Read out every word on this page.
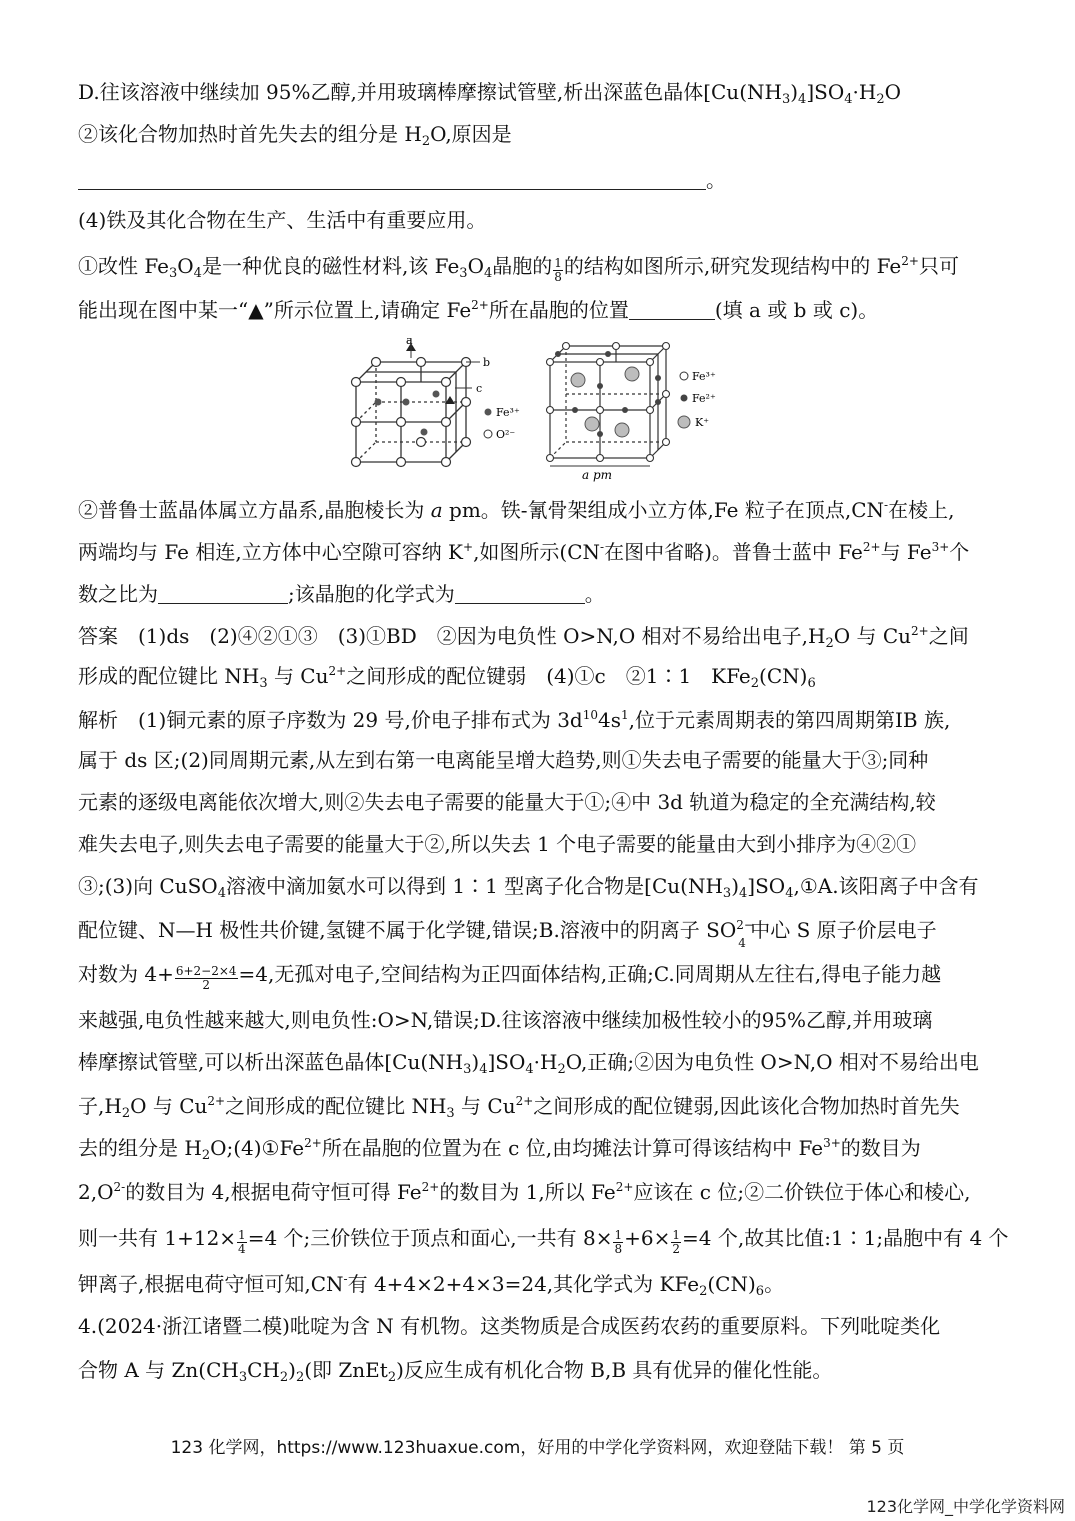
D.往该溶液中继续加 95%乙醇,并用玻璃棒摩擦试管壁,析出深蓝色晶体$[Cu(NH_3)_4]SO_4\cdot H_2O$
②该化合物加热时首先失去的组分是 $H_2O$,原因是
。
(4)铁及其化合物在生产、生活中有重要应用。
①改性 $Fe_3O_4$是一种优良的磁性材料,该 $Fe_3O_4$晶胞的 $\frac{1}{8}$ 的结构如图所示,研究发现结构中的 $Fe^{2+}$只可
能出现在图中某一“▲”所示位置上,请确定 $Fe^{2+}$所在晶胞的位置	(填 a 或 b 或 c)。
a
b
c
Fe³⁺
O²⁻
a pm
Fe³⁺
Fe²⁺
K⁺
②普鲁士蓝晶体属立方晶系,晶胞棱长为 a pm。铁-氰骨架组成小立方体,Fe 粒子在顶点,CN-在棱上,
两端均与 Fe 相连,立方体中心空隙可容纳 K+,如图所示(CN-在图中省略)。普鲁士蓝中 $Fe^{2+}$与 $Fe^{3+}$个
数之比为	;该晶胞的化学式为	。
答案　(1)ds　(2)④②①③　(3)①BD　②因为电负性 O>N,O 相对不易给出电子$,H_2O$ 与 $Cu^{2+}$之间
形成的配位键比 $NH_3$ 与 $Cu^{2+}$之间形成的配位键弱　(4)①c　②1∶1　$KFe_2(CN)_6$
解析　(1)铜元素的原子序数为 29 号,价电子排布式为 $3d^{10}4s^1$,位于元素周期表的第四周期第ⅠB 族,
属于 ds 区;(2)同周期元素,从左到右第一电离能呈增大趋势,则①失去电子需要的能量大于③;同种
元素的逐级电离能依次增大,则②失去电子需要的能量大于①;④中 3d 轨道为稳定的全充满结构,较
难失去电子,则失去电子需要的能量大于②,所以失去 1 个电子需要的能量由大到小排序为④②①
③;(3)向 CuSO$_4$溶液中滴加氨水可以得到 1∶1 型离子化合物是$[Cu(NH_3)_4]SO_4,①A$.该阳离子中含有
配位键、N—H 极性共价键,氢键不属于化学键,错误;B.溶液中的阴离子 SO 2−
4
中心 S 原子价层电子
对数为 $4+ \frac{6+2-2\times 4}{2} =4$,无孤对电子,空间结构为正四面体结构,正确;C.同周期从左往右,得电子能力越
来越强,电负性越来越大,则电负性:O>N,错误;D.往该溶液中继续加极性较小的95%乙醇,并用玻璃
棒摩擦试管壁,可以析出深蓝色晶体$[Cu(NH_3)_4]SO_4\cdot H_2O$,正确;②因为电负性 O>N,O 相对不易给出电
子$,H_2O$ 与 $Cu^{2+}$之间形成的配位键比 $NH_3$ 与 $Cu^{2+}$之间形成的配位键弱,因此该化合物加热时首先失
去的组分是 $H_2O;(4)①Fe^{2+}$所在晶胞的位置为在 c 位,由均摊法计算可得该结构中 $Fe^{3+}$的数目为
$2,O^{2-}$的数目为 4,根据电荷守恒可得 $Fe^{2+}$的数目为 1,所以 $Fe^{2+}$应该在 c 位;②二价铁位于体心和棱心,
则一共有 $1+12\times \frac{1}{4} =4$ 个;三价铁位于顶点和面心,一共有 $8\times \frac{1}{8} +6\times \frac{1}{2} =4$ 个,故其比值:1∶1;晶胞中有 4 个
钾离子,根据电荷守恒可知,CN-有 4+4×2+4×3=24,其化学式为 $KFe_2(CN)_6$。
4.(2024·浙江诸暨二模)吡啶为含 N 有机物。这类物质是合成医药农药的重要原料。下列吡啶类化
合物 A 与 $Zn(CH_3CH_2)_2$(即 ZnEt$_2$)反应生成有机化合物 B,B 具有优异的催化性能。
123 化学网，https://www.123huaxue.com，好用的中学化学资料网，欢迎登陆下载！ 第 5 页
123化学网_中学化学资料网
